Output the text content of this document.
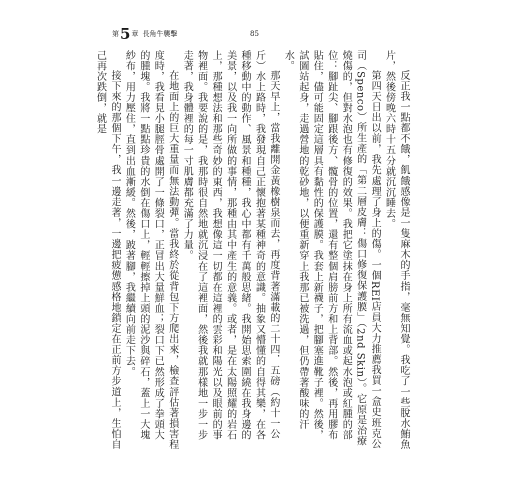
第5章 長角牛襲擊	85

反正我一點都不餓，飢餓感像是一隻麻木的手指，毫無知覺。我吃了一些脫水鮪魚片，然後傍晚六時十五分就沉沉睡去。

第四天日出以前，我先處理了身上的傷。一個REI店員大力推薦我買一盒史班克公司（Spenco）所生產的「第二層皮膚：傷口修復保護膜」（2nd Skin）。它原是治療燒傷的，但對水泡也有修復的效果。我把它塗抹在身上所有流血或起水泡或紅腫的部位：腳趾尖、腳跟後方、髖骨的位置，還有整個肩膀前方和上背部。然後，再用膠布貼住，儘可能固定這層具有黏性的保護膜。我套上新襪子，把腳塞進靴子裡。然後，試圖站起身，走過營地的乾砂地，以便重新穿上我那已被洗過，但仍帶著酸味的汗水。

那天早上，當我離開金黃橡樹泉而去，再度背著滿載的二十四．五磅（約十一公斤）水上路時，我發現自己正懷抱著某種神奇的意識。抽象又懵懂的自得其樂，在各種移動中的動作、風景和種種，我心中都有千萬般思緒。我開始思索圍繞在我身邊的美景，以及我一向所做的事情，那種由其中產生的意義。或者，是在太陽照耀的岩石上，那種想法和那些奇妙的東西，我想像這一切都在這裡的雲彩和陽光以及眼前的事物裡面。我要說的是，我那時很自然地就沉浸在了這裡面，然後我就那樣地一步一步走著，我身體裡的每一寸肌膚都充滿了力量。

在地面上的巨大重量而無法動彈。當我終於從背包下方爬出來，檢查評估著損害程度時，我看見小腿脛骨處開了一條裂口，正冒出大量鮮血；裂口下已然形成了拳頭大的腫塊。我將一點點珍貴的水倒在傷口上，輕輕擦掉上頭的泥沙與碎石，蓋上一大塊紗布，用力壓住，直到出血漸緩。然後，跛著腳，我繼續向前走下去。

接下來的那個下午，我一邊走著，一邊把疲憊感格地鎖定在正前方步道上，生怕自己再次跌倒，就是
